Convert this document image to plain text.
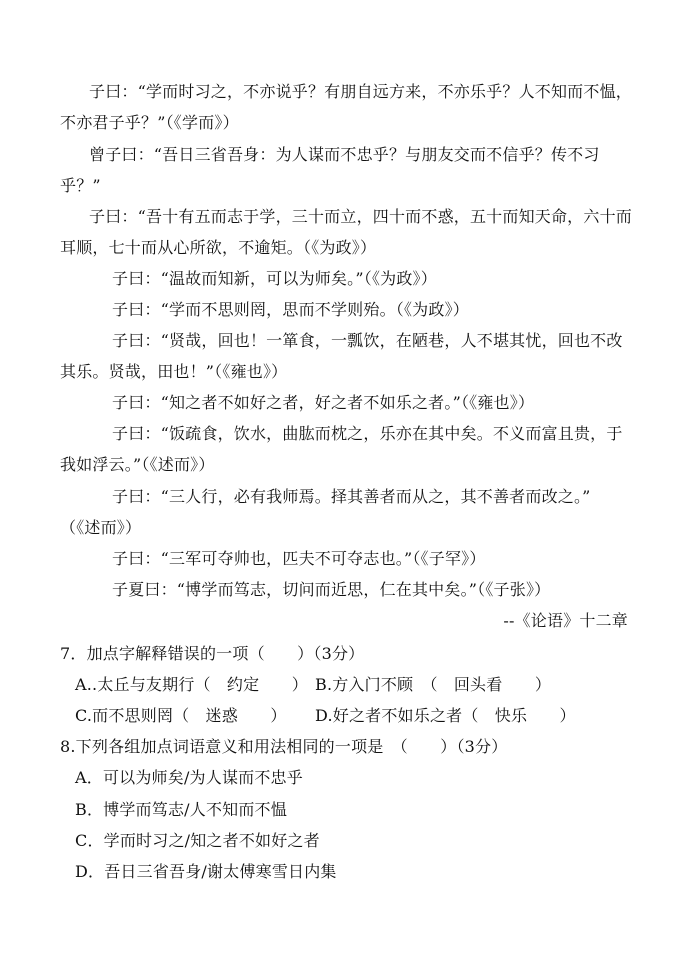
子曰：“学而时习之，不亦说乎？有朋自远方来，不亦乐乎？人不知而不愠，
不亦君子乎？”（《学而》）
曾子曰：“吾日三省吾身：为人谋而不忠乎？与朋友交而不信乎？传不习
乎？”
子曰：“吾十有五而志于学，三十而立，四十而不惑，五十而知天命，六十而
耳顺，七十而从心所欲，不逾矩。（《为政》）
子曰：“温故而知新，可以为师矣。”（《为政》）
子曰：“学而不思则罔，思而不学则殆。（《为政》）
子曰：“贤哉，回也！一箪食，一瓢饮，在陋巷，人不堪其忧，回也不改
其乐。贤哉，田也！”（《雍也》）
子曰：“知之者不如好之者，好之者不如乐之者。”（《雍也》）
子曰：“饭疏食，饮水，曲肱而枕之，乐亦在其中矣。不义而富且贵，于
我如浮云。”（《述而》）
子曰：“三人行，必有我师焉。择其善者而从之，其不善者而改之。”
（《述而》）
子曰：“三军可夺帅也，匹夫不可夺志也。”（《子罕》）
子夏曰：“博学而笃志，切问而近思，仁在其中矣。”（《子张》）
--《论语》十二章
7．加点字解释错误的一项（　　）（3分）
A..太丘与友期行（　约定　　） B.方入门不顾　（　回头看　　）
C.而不思则罔（　迷惑　　） D.好之者不如乐之者（　快乐　　）
8.下列各组加点词语意义和用法相同的一项是　（　　）（3分）
A．可以为师矣/为人谋而不忠乎
B．博学而笃志/人不知而不愠
C．学而时习之/知之者不如好之者
D．吾日三省吾身/谢太傅寒雪日内集
